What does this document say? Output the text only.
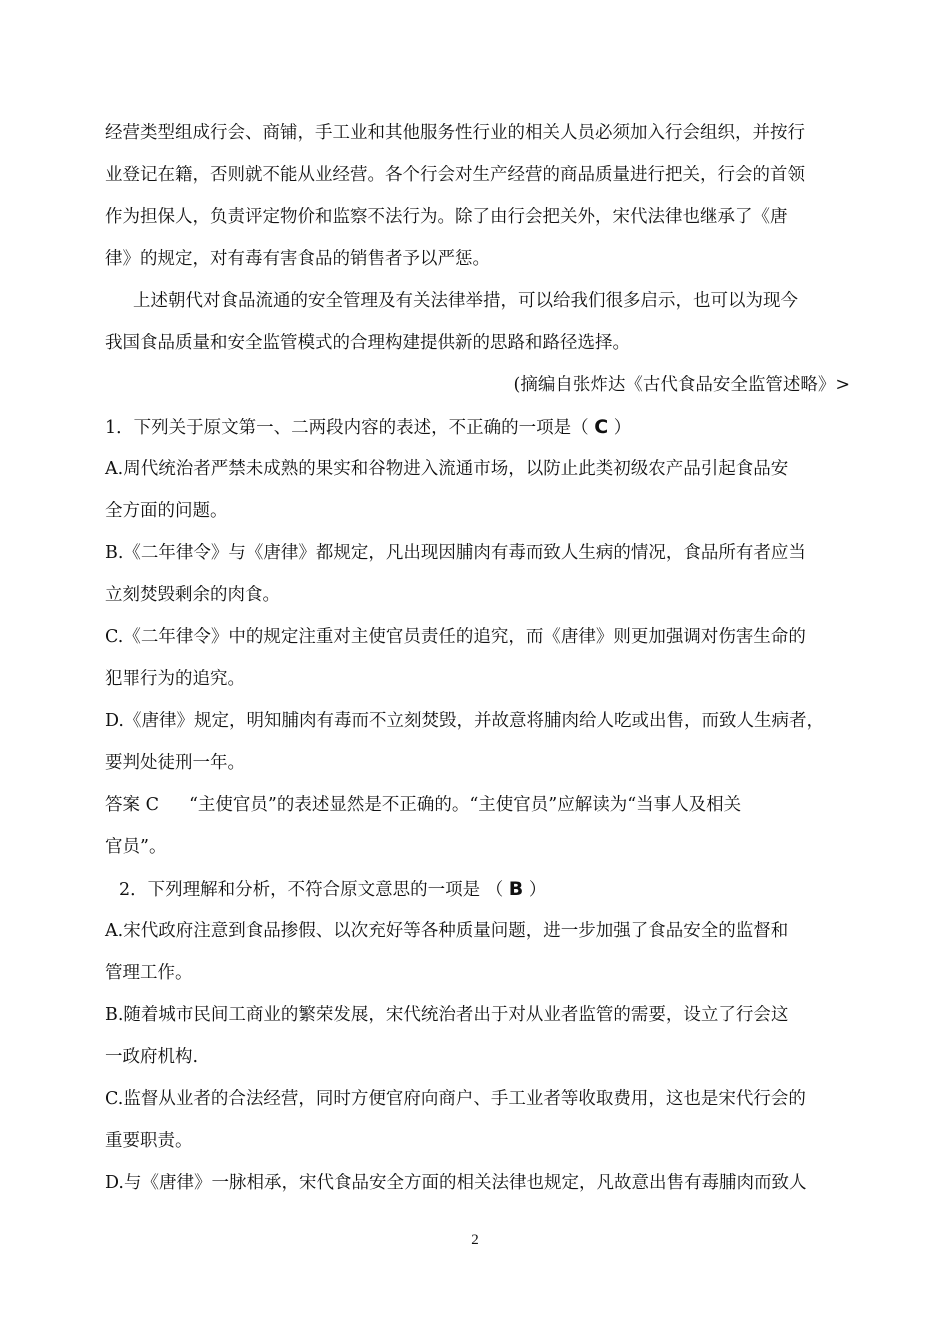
经营类型组成行会、商铺，手工业和其他服务性行业的相关人员必须加入行会组织，并按行
业登记在籍，否则就不能从业经营。各个行会对生产经营的商品质量进行把关，行会的首领
作为担保人，负责评定物价和监察不法行为。除了由行会把关外，宋代法律也继承了《唐
律》的规定，对有毒有害食品的销售者予以严惩。
上述朝代对食品流通的安全管理及有关法律举措，可以给我们很多启示，也可以为现今
我国食品质量和安全监管模式的合理构建提供新的思路和路径选择。
(摘编自张炸达《古代食品安全监管述略》>
1．下列关于原文第一、二两段内容的表述，不正确的一项是（ C ）
A.周代统治者严禁未成熟的果实和谷物进入流通市场，以防止此类初级农产品引起食品安
全方面的问题。
B.《二年律令》与《唐律》都规定，凡出现因脯肉有毒而致人生病的情况，食品所有者应当
立刻焚毁剩余的肉食。
C.《二年律令》中的规定注重对主使官员责任的追究，而《唐律》则更加强调对伤害生命的
犯罪行为的追究。
D.《唐律》规定，明知脯肉有毒而不立刻焚毁，并故意将脯肉给人吃或出售，而致人生病者，
要判处徒刑一年。
答案 C “主使官员”的表述显然是不正确的。“主使官员”应解读为“当事人及相关
官员”。
2．下列理解和分析，不符合原文意思的一项是 （ B ）
A.宋代政府注意到食品掺假、以次充好等各种质量问题，进一步加强了食品安全的监督和
管理工作。
B.随着城市民间工商业的繁荣发展，宋代统治者出于对从业者监管的需要，设立了行会这
一政府机构.
C.监督从业者的合法经营，同时方便官府向商户、手工业者等收取费用，这也是宋代行会的
重要职责。
D.与《唐律》一脉相承，宋代食品安全方面的相关法律也规定，凡故意出售有毒脯肉而致人
2
